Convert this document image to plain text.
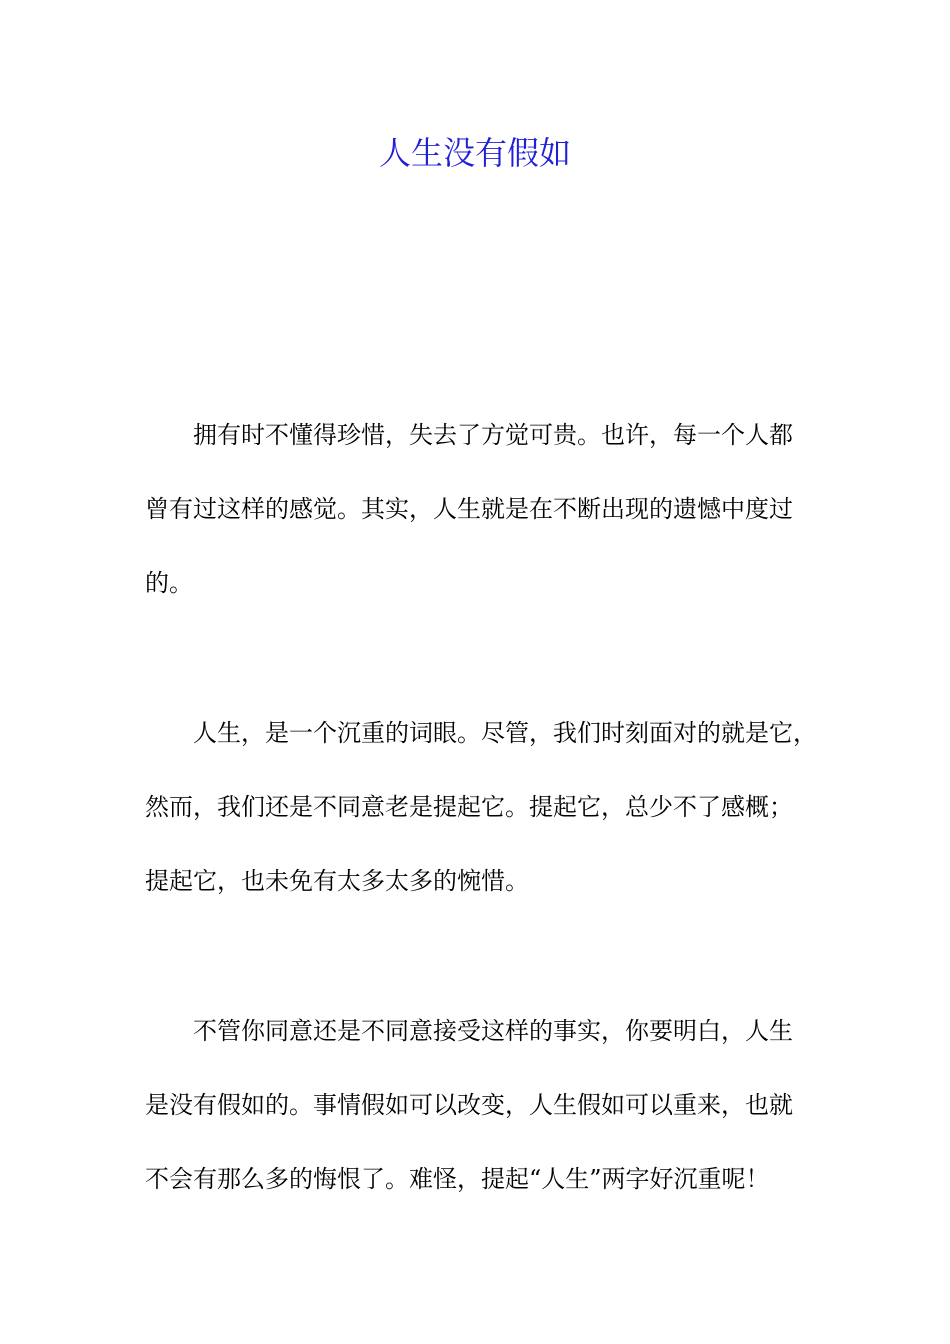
人生没有假如

拥有时不懂得珍惜，失去了方觉可贵。也许，每一个人都

曾有过这样的感觉。其实，人生就是在不断出现的遗憾中度过

的。

人生，是一个沉重的词眼。尽管，我们时刻面对的就是它，

然而，我们还是不同意老是提起它。提起它，总少不了感概；

提起它，也未免有太多太多的惋惜。

不管你同意还是不同意接受这样的事实，你要明白，人生

是没有假如的。事情假如可以改变，人生假如可以重来，也就

不会有那么多的悔恨了。难怪，提起“人生”两字好沉重呢！
